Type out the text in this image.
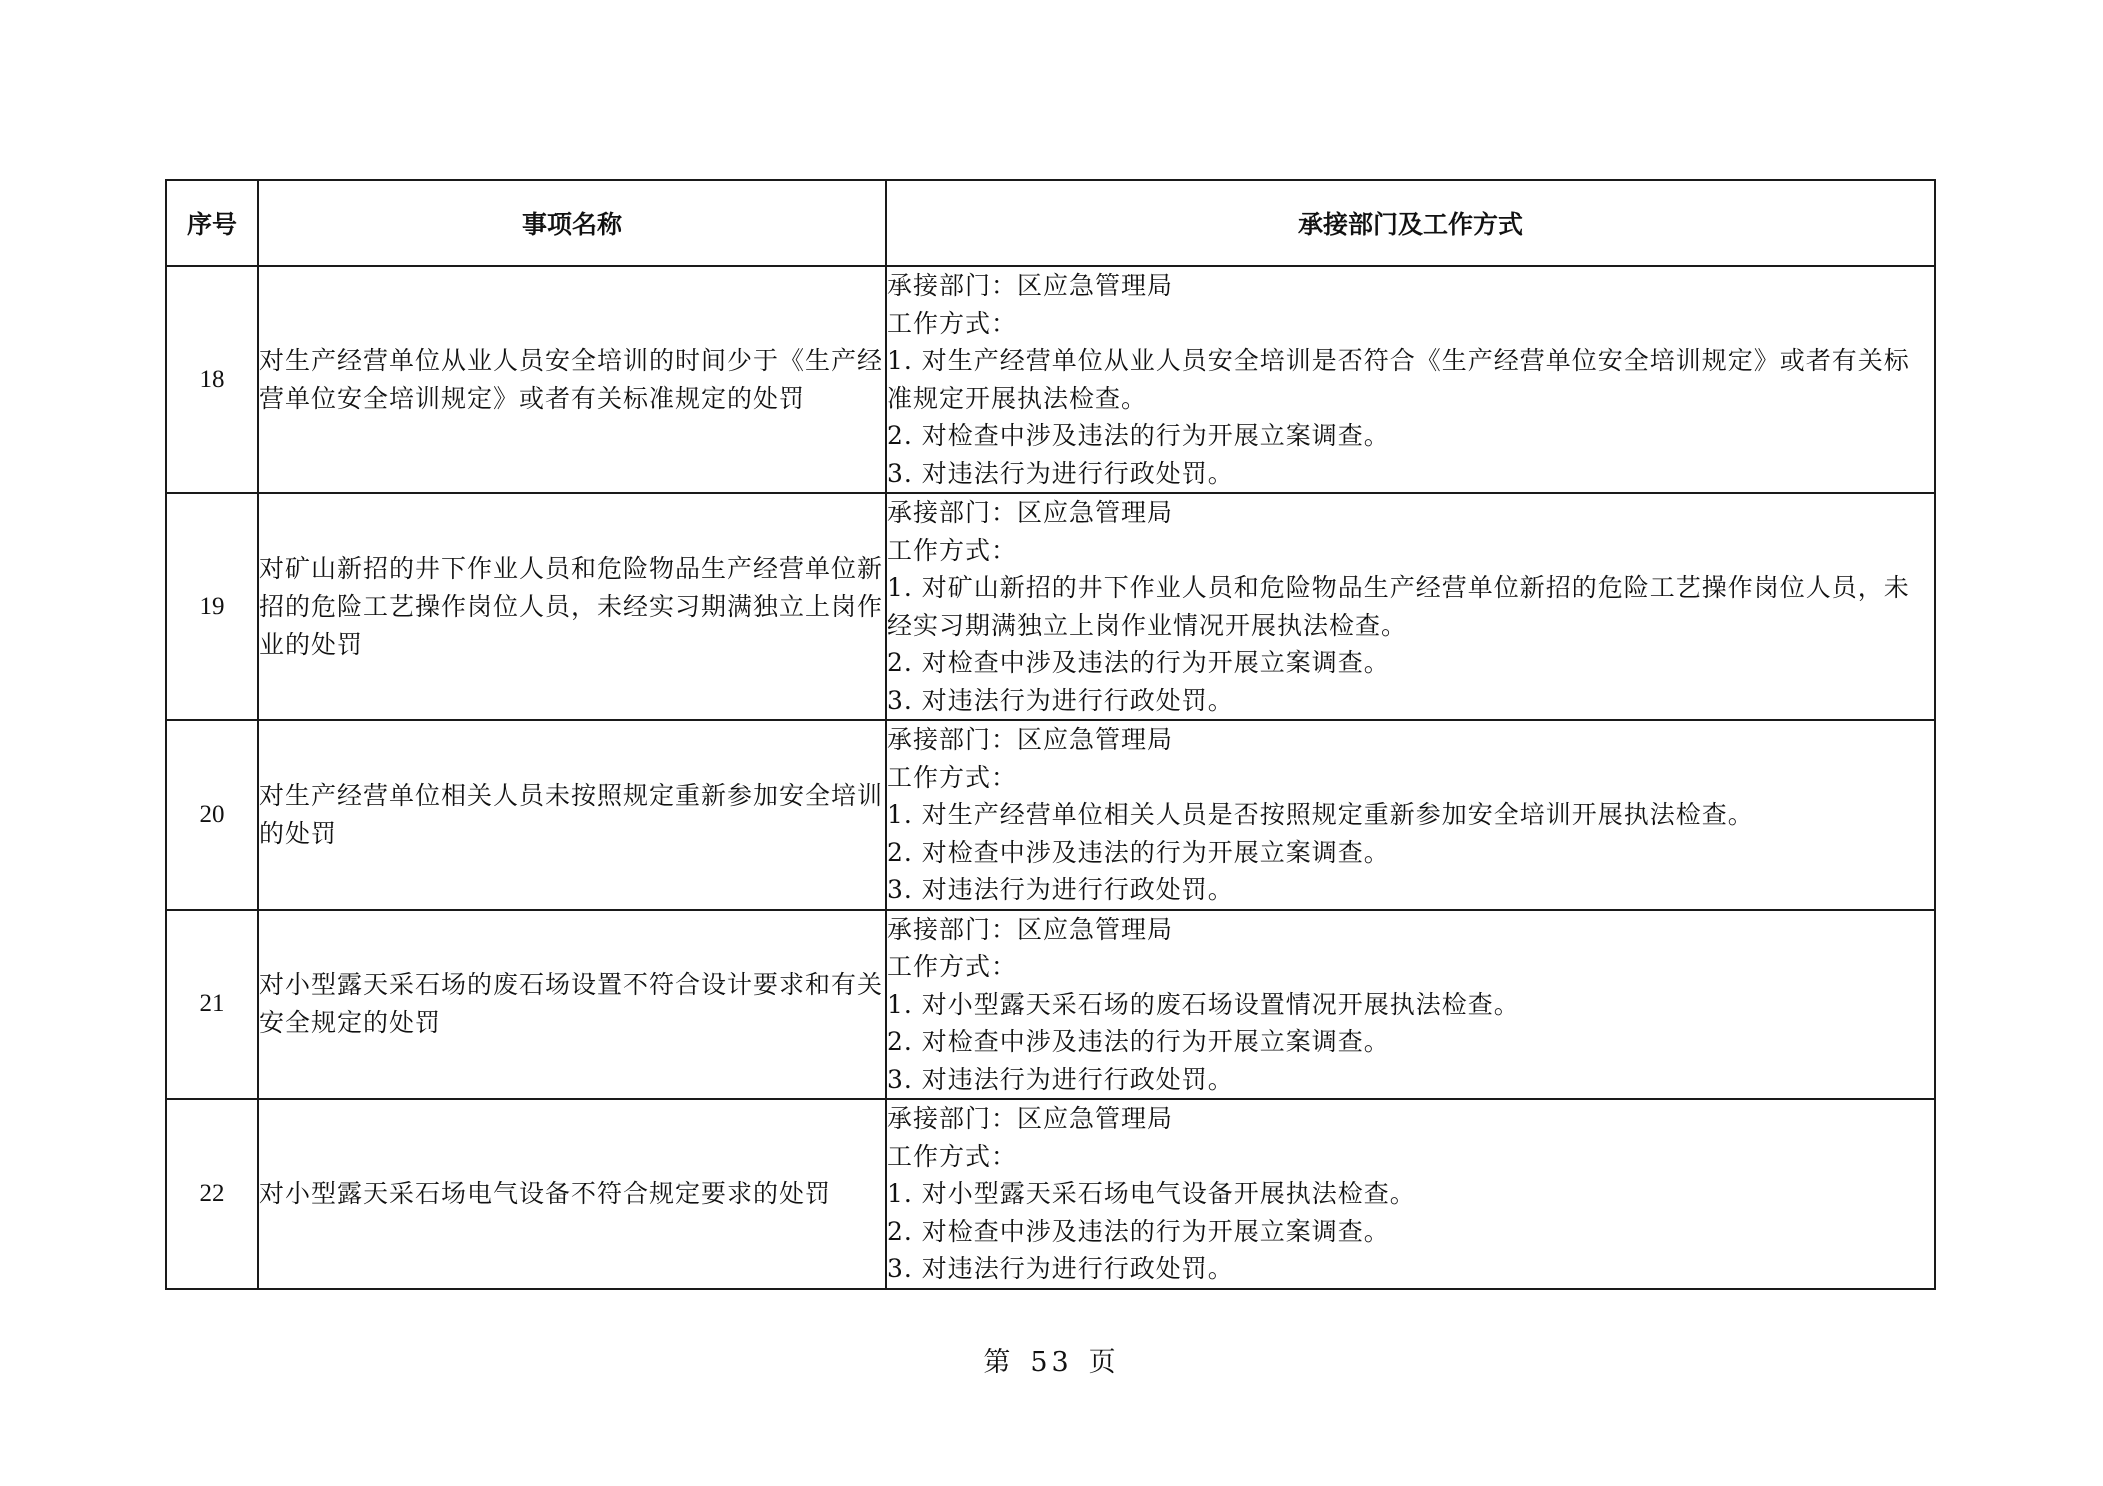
序号	事项名称	承接部门及工作方式
18	对生产经营单位从业人员安全培训的时间少于《生产经营单位安全培训规定》或者有关标准规定的处罚	承接部门：区应急管理局
工作方式：
1. 对生产经营单位从业人员安全培训是否符合《生产经营单位安全培训规定》或者有关标准规定开展执法检查。
2. 对检查中涉及违法的行为开展立案调查。
3. 对违法行为进行行政处罚。

19	对矿山新招的井下作业人员和危险物品生产经营单位新招的危险工艺操作岗位人员，未经实习期满独立上岗作业的处罚	承接部门：区应急管理局
工作方式：
1. 对矿山新招的井下作业人员和危险物品生产经营单位新招的危险工艺操作岗位人员，未经实习期满独立上岗作业情况开展执法检查。
2. 对检查中涉及违法的行为开展立案调查。
3. 对违法行为进行行政处罚。

20	对生产经营单位相关人员未按照规定重新参加安全培训的处罚	承接部门：区应急管理局
工作方式：
1. 对生产经营单位相关人员是否按照规定重新参加安全培训开展执法检查。
2. 对检查中涉及违法的行为开展立案调查。
3. 对违法行为进行行政处罚。

21	对小型露天采石场的废石场设置不符合设计要求和有关安全规定的处罚	承接部门：区应急管理局
工作方式：
1. 对小型露天采石场的废石场设置情况开展执法检查。
2. 对检查中涉及违法的行为开展立案调查。
3. 对违法行为进行行政处罚。

22	对小型露天采石场电气设备不符合规定要求的处罚	承接部门：区应急管理局
工作方式：
1. 对小型露天采石场电气设备开展执法检查。
2. 对检查中涉及违法的行为开展立案调查。
3. 对违法行为进行行政处罚。
第 53 页
